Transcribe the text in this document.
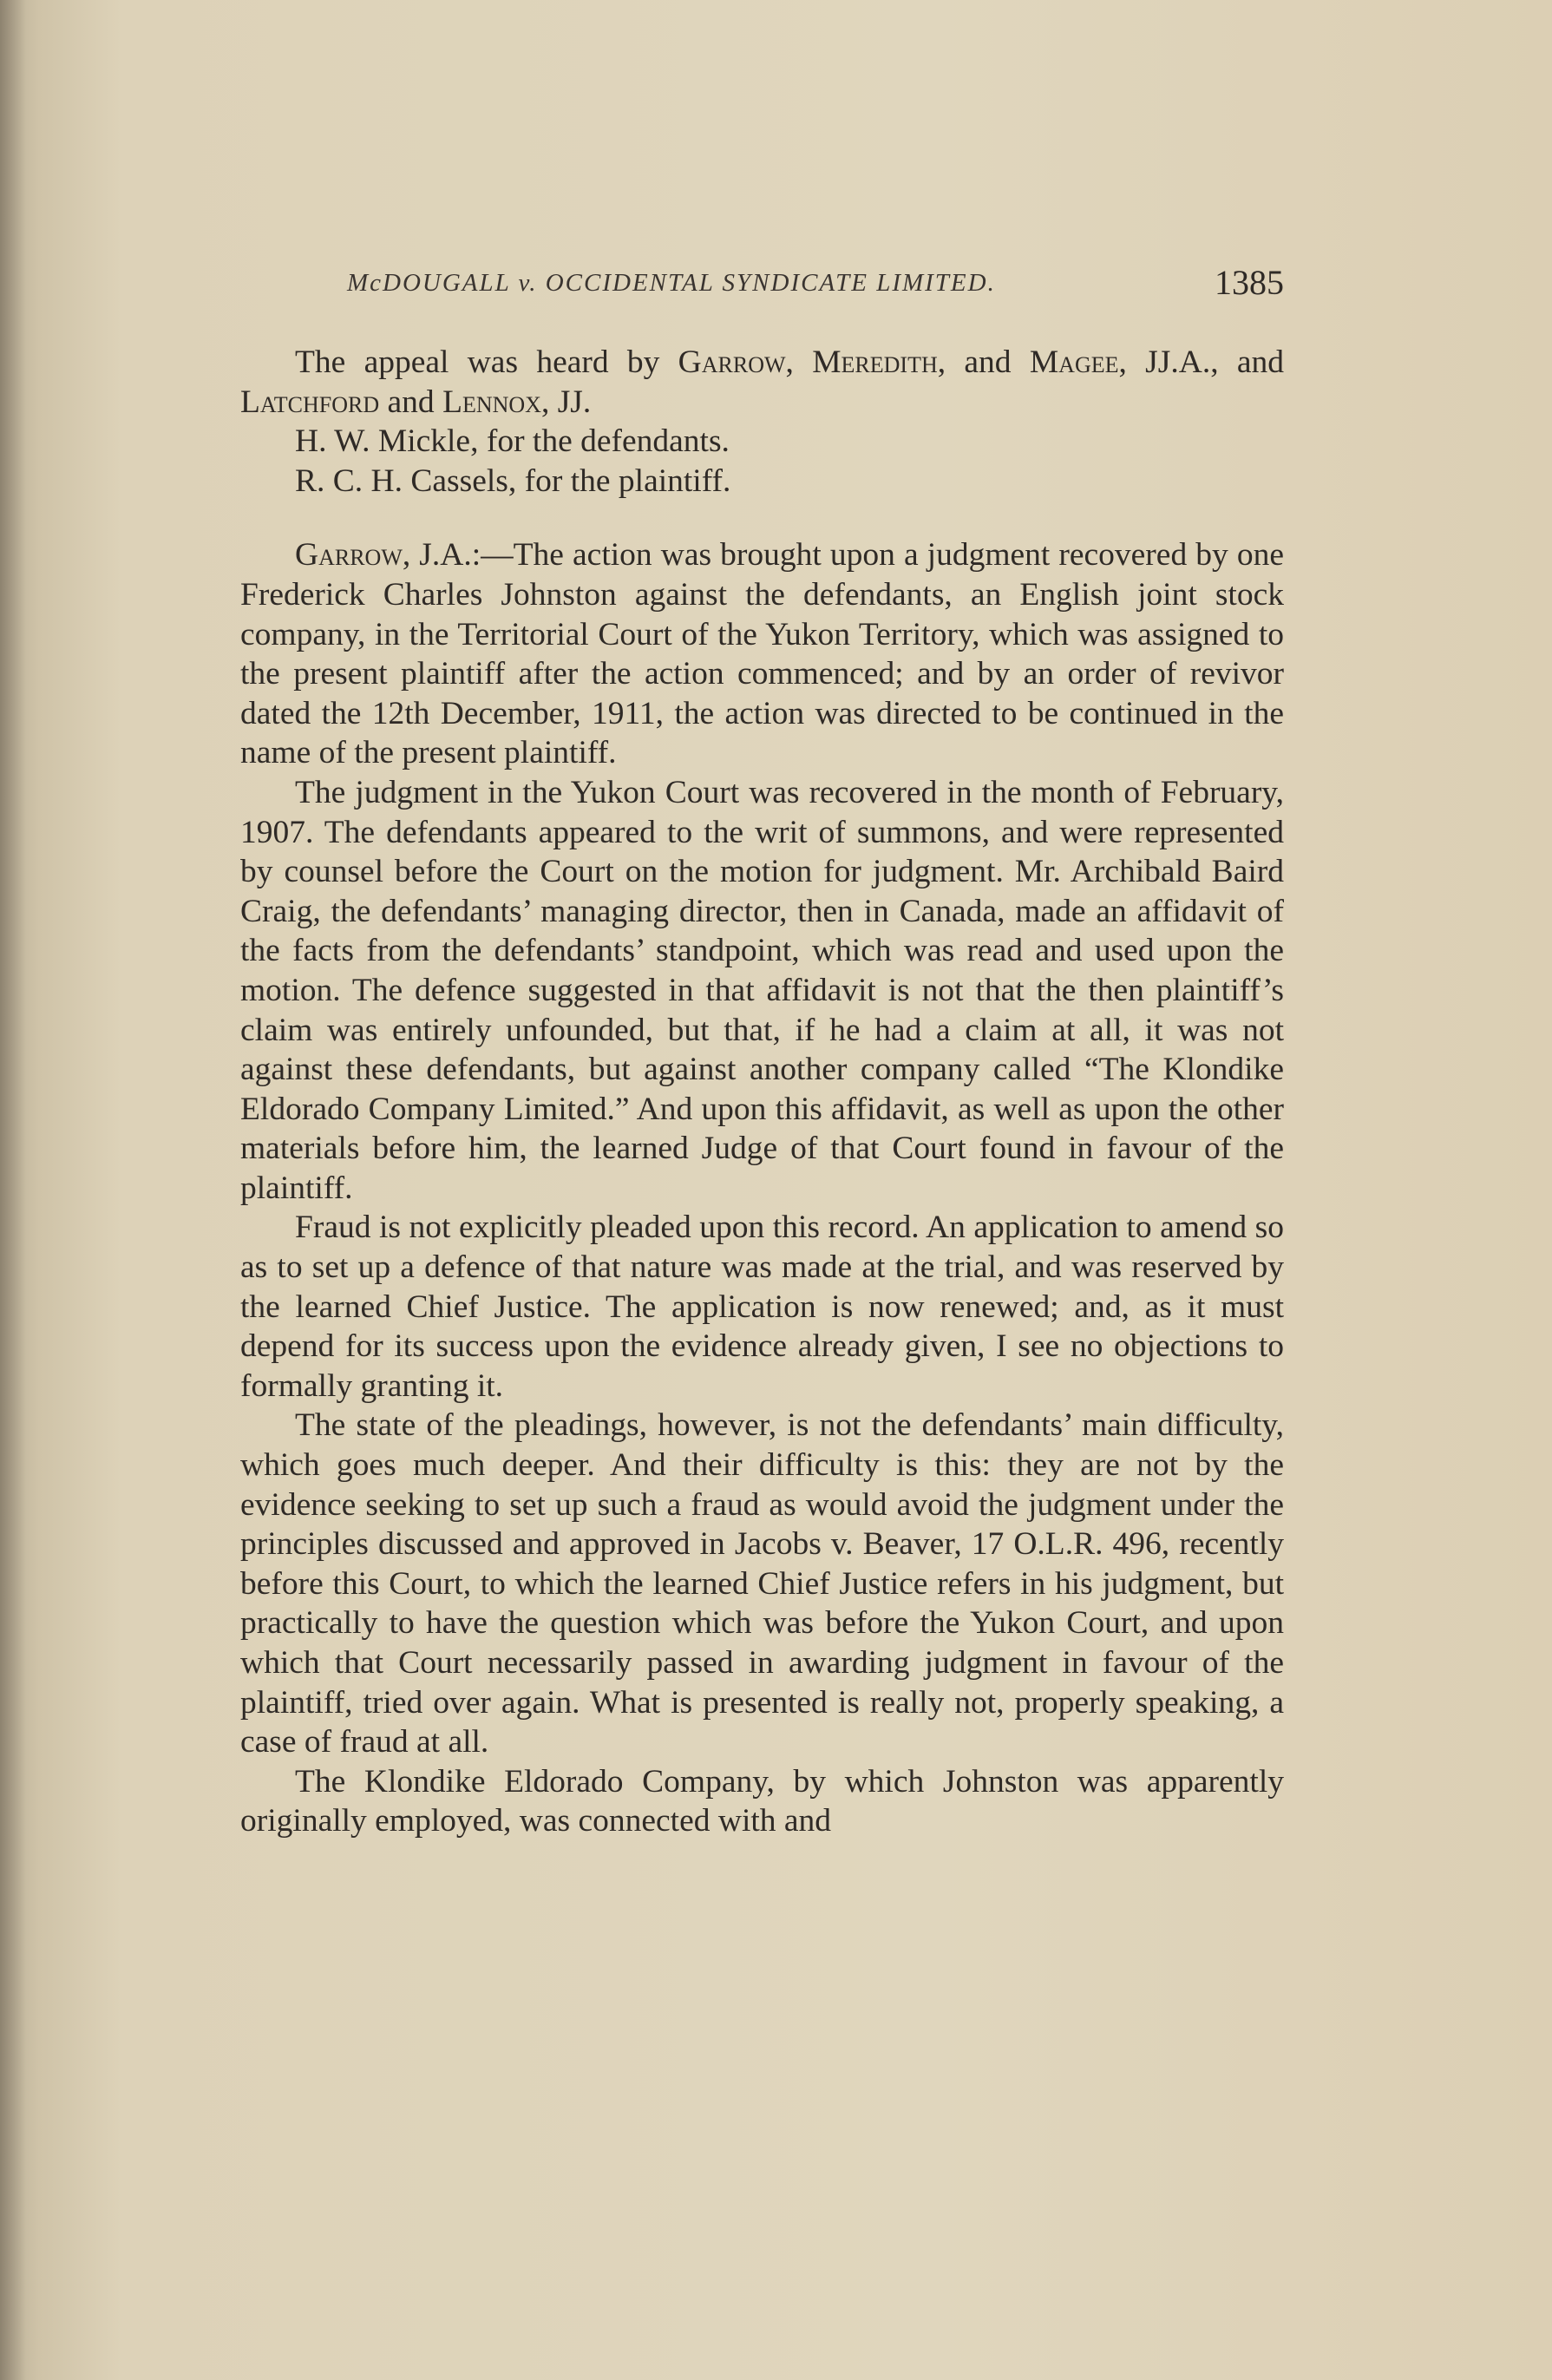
McDOUGALL v. OCCIDENTAL SYNDICATE LIMITED.	1385

The appeal was heard by Garrow, Meredith, and Magee, JJ.A., and Latchford and Lennox, JJ.

H. W. Mickle, for the defendants.

R. C. H. Cassels, for the plaintiff.

Garrow, J.A.:—The action was brought upon a judgment recovered by one Frederick Charles Johnston against the defendants, an English joint stock company, in the Territorial Court of the Yukon Territory, which was assigned to the present plaintiff after the action commenced; and by an order of revivor dated the 12th December, 1911, the action was directed to be continued in the name of the present plaintiff.

The judgment in the Yukon Court was recovered in the month of February, 1907. The defendants appeared to the writ of summons, and were represented by counsel before the Court on the motion for judgment. Mr. Archibald Baird Craig, the defendants’ managing director, then in Canada, made an affidavit of the facts from the defendants’ standpoint, which was read and used upon the motion. The defence suggested in that affidavit is not that the then plaintiff’s claim was entirely unfounded, but that, if he had a claim at all, it was not against these defendants, but against another company called “The Klondike Eldorado Company Limited.” And upon this affidavit, as well as upon the other materials before him, the learned Judge of that Court found in favour of the plaintiff.

Fraud is not explicitly pleaded upon this record. An application to amend so as to set up a defence of that nature was made at the trial, and was reserved by the learned Chief Justice. The application is now renewed; and, as it must depend for its success upon the evidence already given, I see no objections to formally granting it.

The state of the pleadings, however, is not the defendants’ main difficulty, which goes much deeper. And their difficulty is this: they are not by the evidence seeking to set up such a fraud as would avoid the judgment under the principles discussed and approved in Jacobs v. Beaver, 17 O.L.R. 496, recently before this Court, to which the learned Chief Justice refers in his judgment, but practically to have the question which was before the Yukon Court, and upon which that Court necessarily passed in awarding judgment in favour of the plaintiff, tried over again. What is presented is really not, properly speaking, a case of fraud at all.

The Klondike Eldorado Company, by which Johnston was apparently originally employed, was connected with and
